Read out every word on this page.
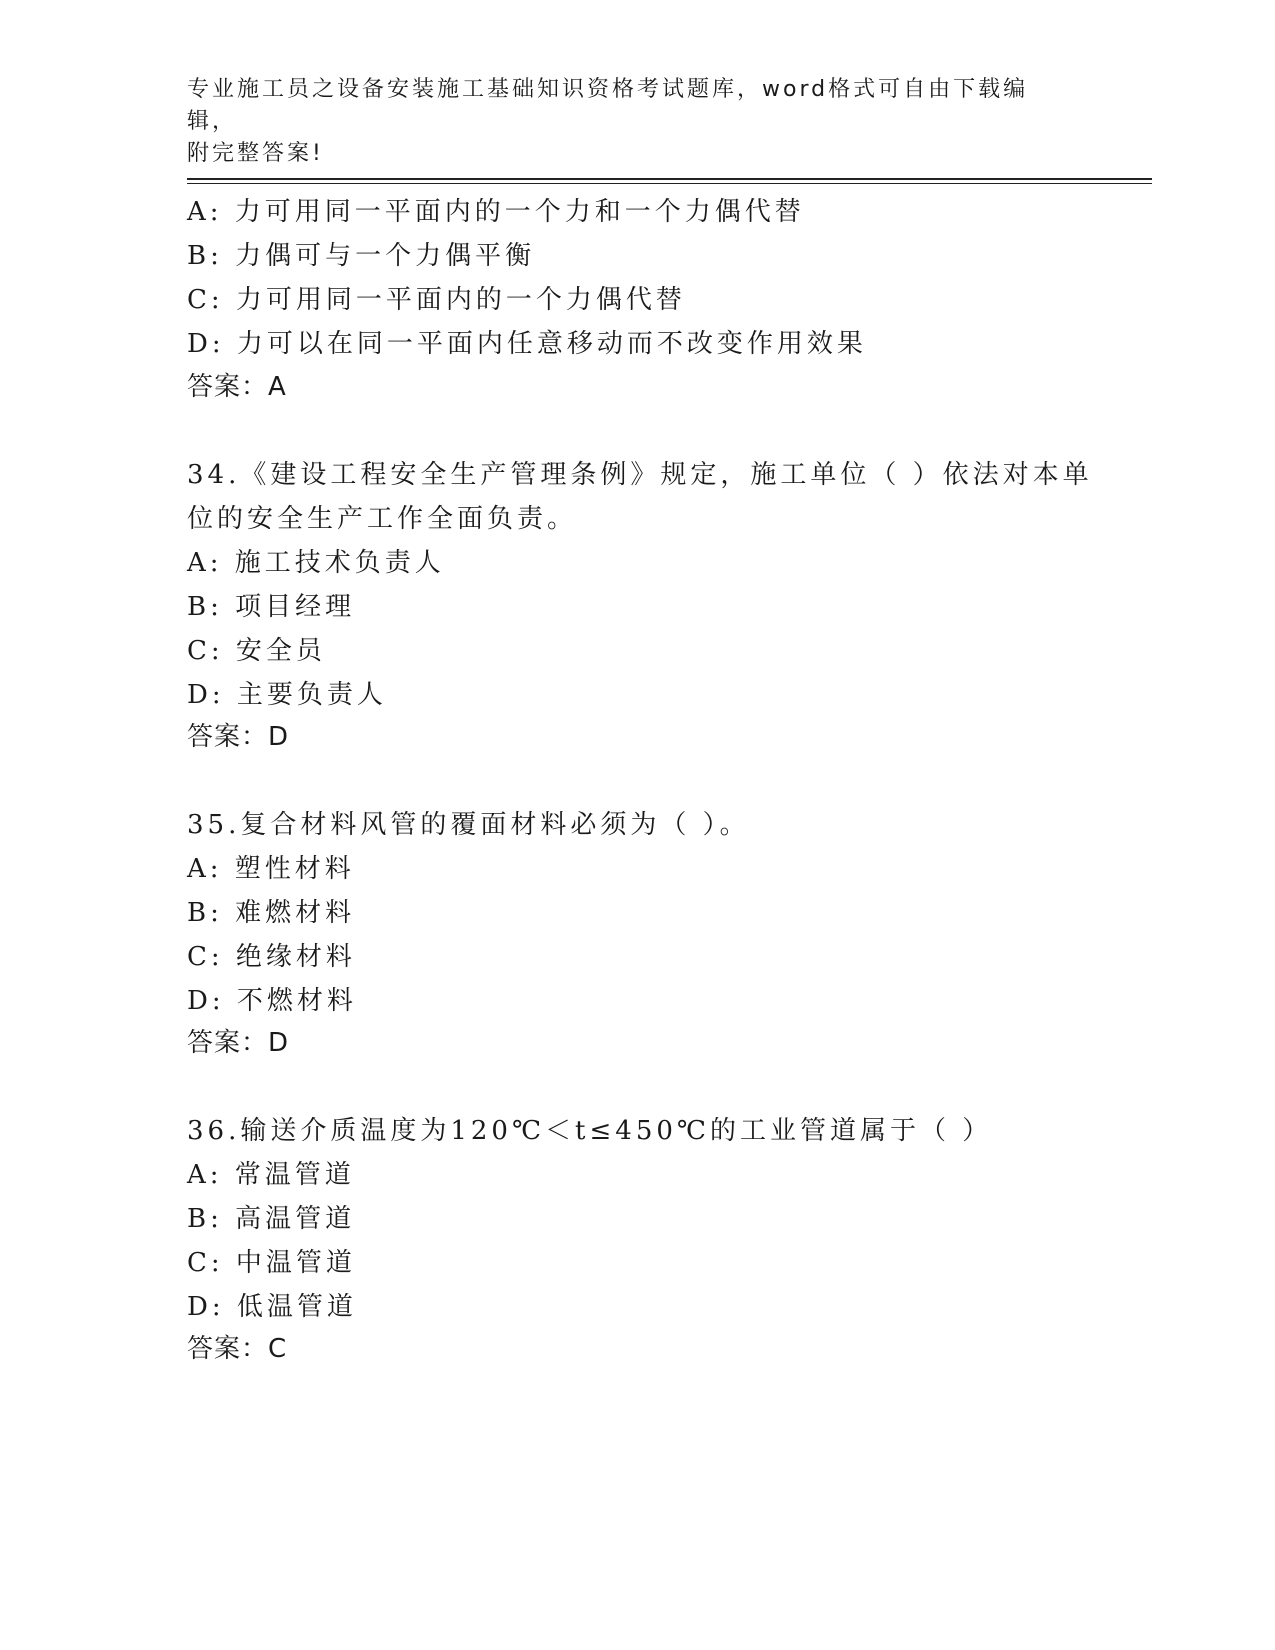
专业施工员之设备安装施工基础知识资格考试题库，word格式可自由下载编辑，
附完整答案!
A: 力可用同一平面内的一个力和一个力偶代替
B: 力偶可与一个力偶平衡
C: 力可用同一平面内的一个力偶代替
D: 力可以在同一平面内任意移动而不改变作用效果
答案：A
34.《建设工程安全生产管理条例》规定，施工单位（ ）依法对本单
位的安全生产工作全面负责。
A: 施工技术负责人
B: 项目经理
C: 安全员
D: 主要负责人
答案：D
35.复合材料风管的覆面材料必须为（ ）。
A: 塑性材料
B: 难燃材料
C: 绝缘材料
D: 不燃材料
答案：D
36.输送介质温度为120℃＜t≤450℃的工业管道属于（ ）
A: 常温管道
B: 高温管道
C: 中温管道
D: 低温管道
答案：C
